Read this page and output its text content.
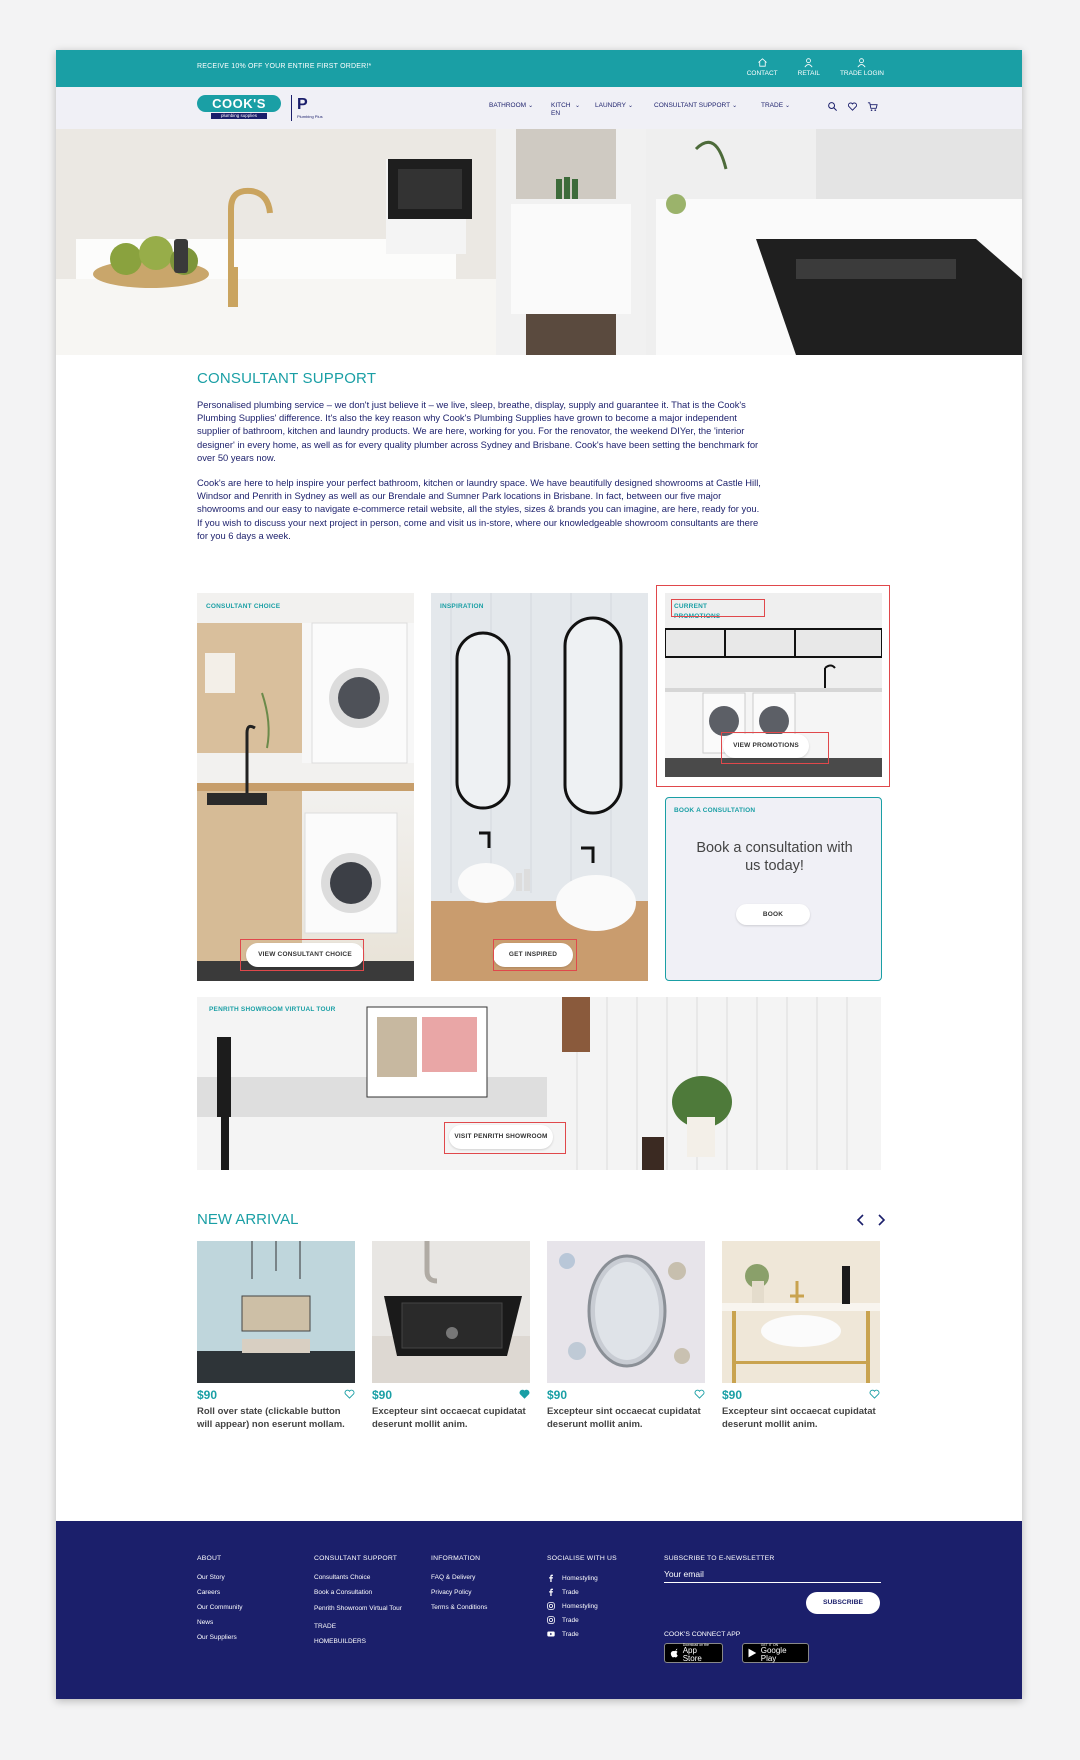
RECEIVE 10% OFF YOUR ENTIRE FIRST ORDER!*
CONTACT	RETAIL	TRADE LOGIN
COOK'S
plumbing supplies
P
Plumbing Plus
BATHROOM ⌄	KITCHEN
⌄ LAUNDRY ⌄	CONSULTANT SUPPORT ⌄	TRADE ⌄
CONSULTANT SUPPORT
Personalised plumbing service – we don't just believe it – we live, sleep, breathe, display, supply and guarantee it. That is the Cook's Plumbing Supplies' difference. It's also the key reason why Cook's Plumbing Supplies have grown to become a major independent supplier of bathroom, kitchen and laundry products. We are here, working for you. For the renovator, the weekend DIYer, the 'interior designer' in every home, as well as for every quality plumber across Sydney and Brisbane. Cook's have been setting the benchmark for over 50 years now.
Cook's are here to help inspire your perfect bathroom, kitchen or laundry space. We have beautifully designed showrooms at Castle Hill, Windsor and Penrith in Sydney as well as our Brendale and Sumner Park locations in Brisbane. In fact, between our five major showrooms and our easy to navigate e-commerce retail website, all the styles, sizes & brands you can imagine, are here, ready for you. If you wish to discuss your next project in person, come and visit us in-store, where our knowledgeable showroom consultants are there for you 6 days a week.
CONSULTANT CHOICE
VIEW CONSULTANT CHOICE
INSPIRATION
GET INSPIRED
CURRENT PROMOTIONS
VIEW PROMOTIONS
BOOK A CONSULTATION
Book a consultation with us today!
BOOK
PENRITH SHOWROOM VIRTUAL TOUR
VISIT PENRITH SHOWROOM
NEW ARRIVAL
$90
Roll over state (clickable button will appear) non eserunt mollam.
$90
Excepteur sint occaecat cupidatat deserunt mollit anim.
$90
Excepteur sint occaecat cupidatat deserunt mollit anim.
$90
Excepteur sint occaecat cupidatat deserunt mollit anim.
ABOUT
Our Story
Careers
Our Community
News
Our Suppliers
CONSULTANT SUPPORT
Consultants Choice
Book a Consultation
Penrith Showroom Virtual Tour
TRADE
HOMEBUILDERS
INFORMATION
FAQ & Delivery
Privacy Policy
Terms & Conditions
SOCIALISE WITH US
Homestyling
Trade
Homestyling
Trade
Trade
SUBSCRIBE TO E-NEWSLETTER
Your email
SUBSCRIBE
COOK'S CONNECT APP
Download on the
App Store
GET IT ON
Google Play
